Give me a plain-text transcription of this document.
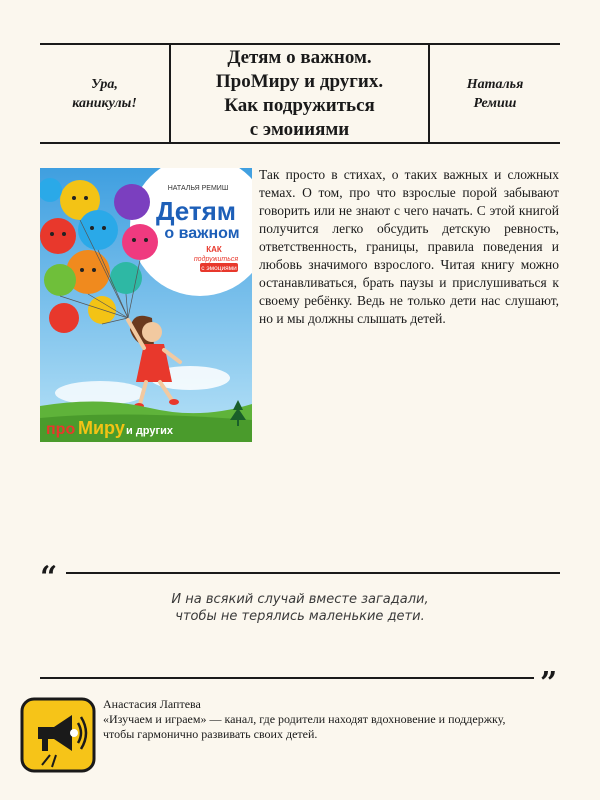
Ура,
каникулы!
Детям о важном.
ПроМиру и других.
Как подружиться
с эмоииями
Наталья
Ремиш
НАТАЛЬЯ РЕМИШ
Детям
о важном
КАК
подружиться
с эмоциями
про Миру и других

Так просто в стихах, о таких важных и сложных темах. О том, про что взрослые порой забывают говорить или не знают с чего начать. С этой книгой получится легко обсудить детскую ревность, ответственность, границы, правила поведения и любовь значимого взрослого. Читая книгу можно останавливаться, брать паузы и прислушиваться к своему ребёнку. Ведь не только дети нас слушают, но и мы должны слышать детей.

“

И на всякий случай вместе загадали,
чтобы не терялись маленькие дети.

”
Анастасия Лаптева
«Изучаем и играем» — канал, где родители находят вдохновение и поддержку, чтобы гармонично развивать своих детей.
